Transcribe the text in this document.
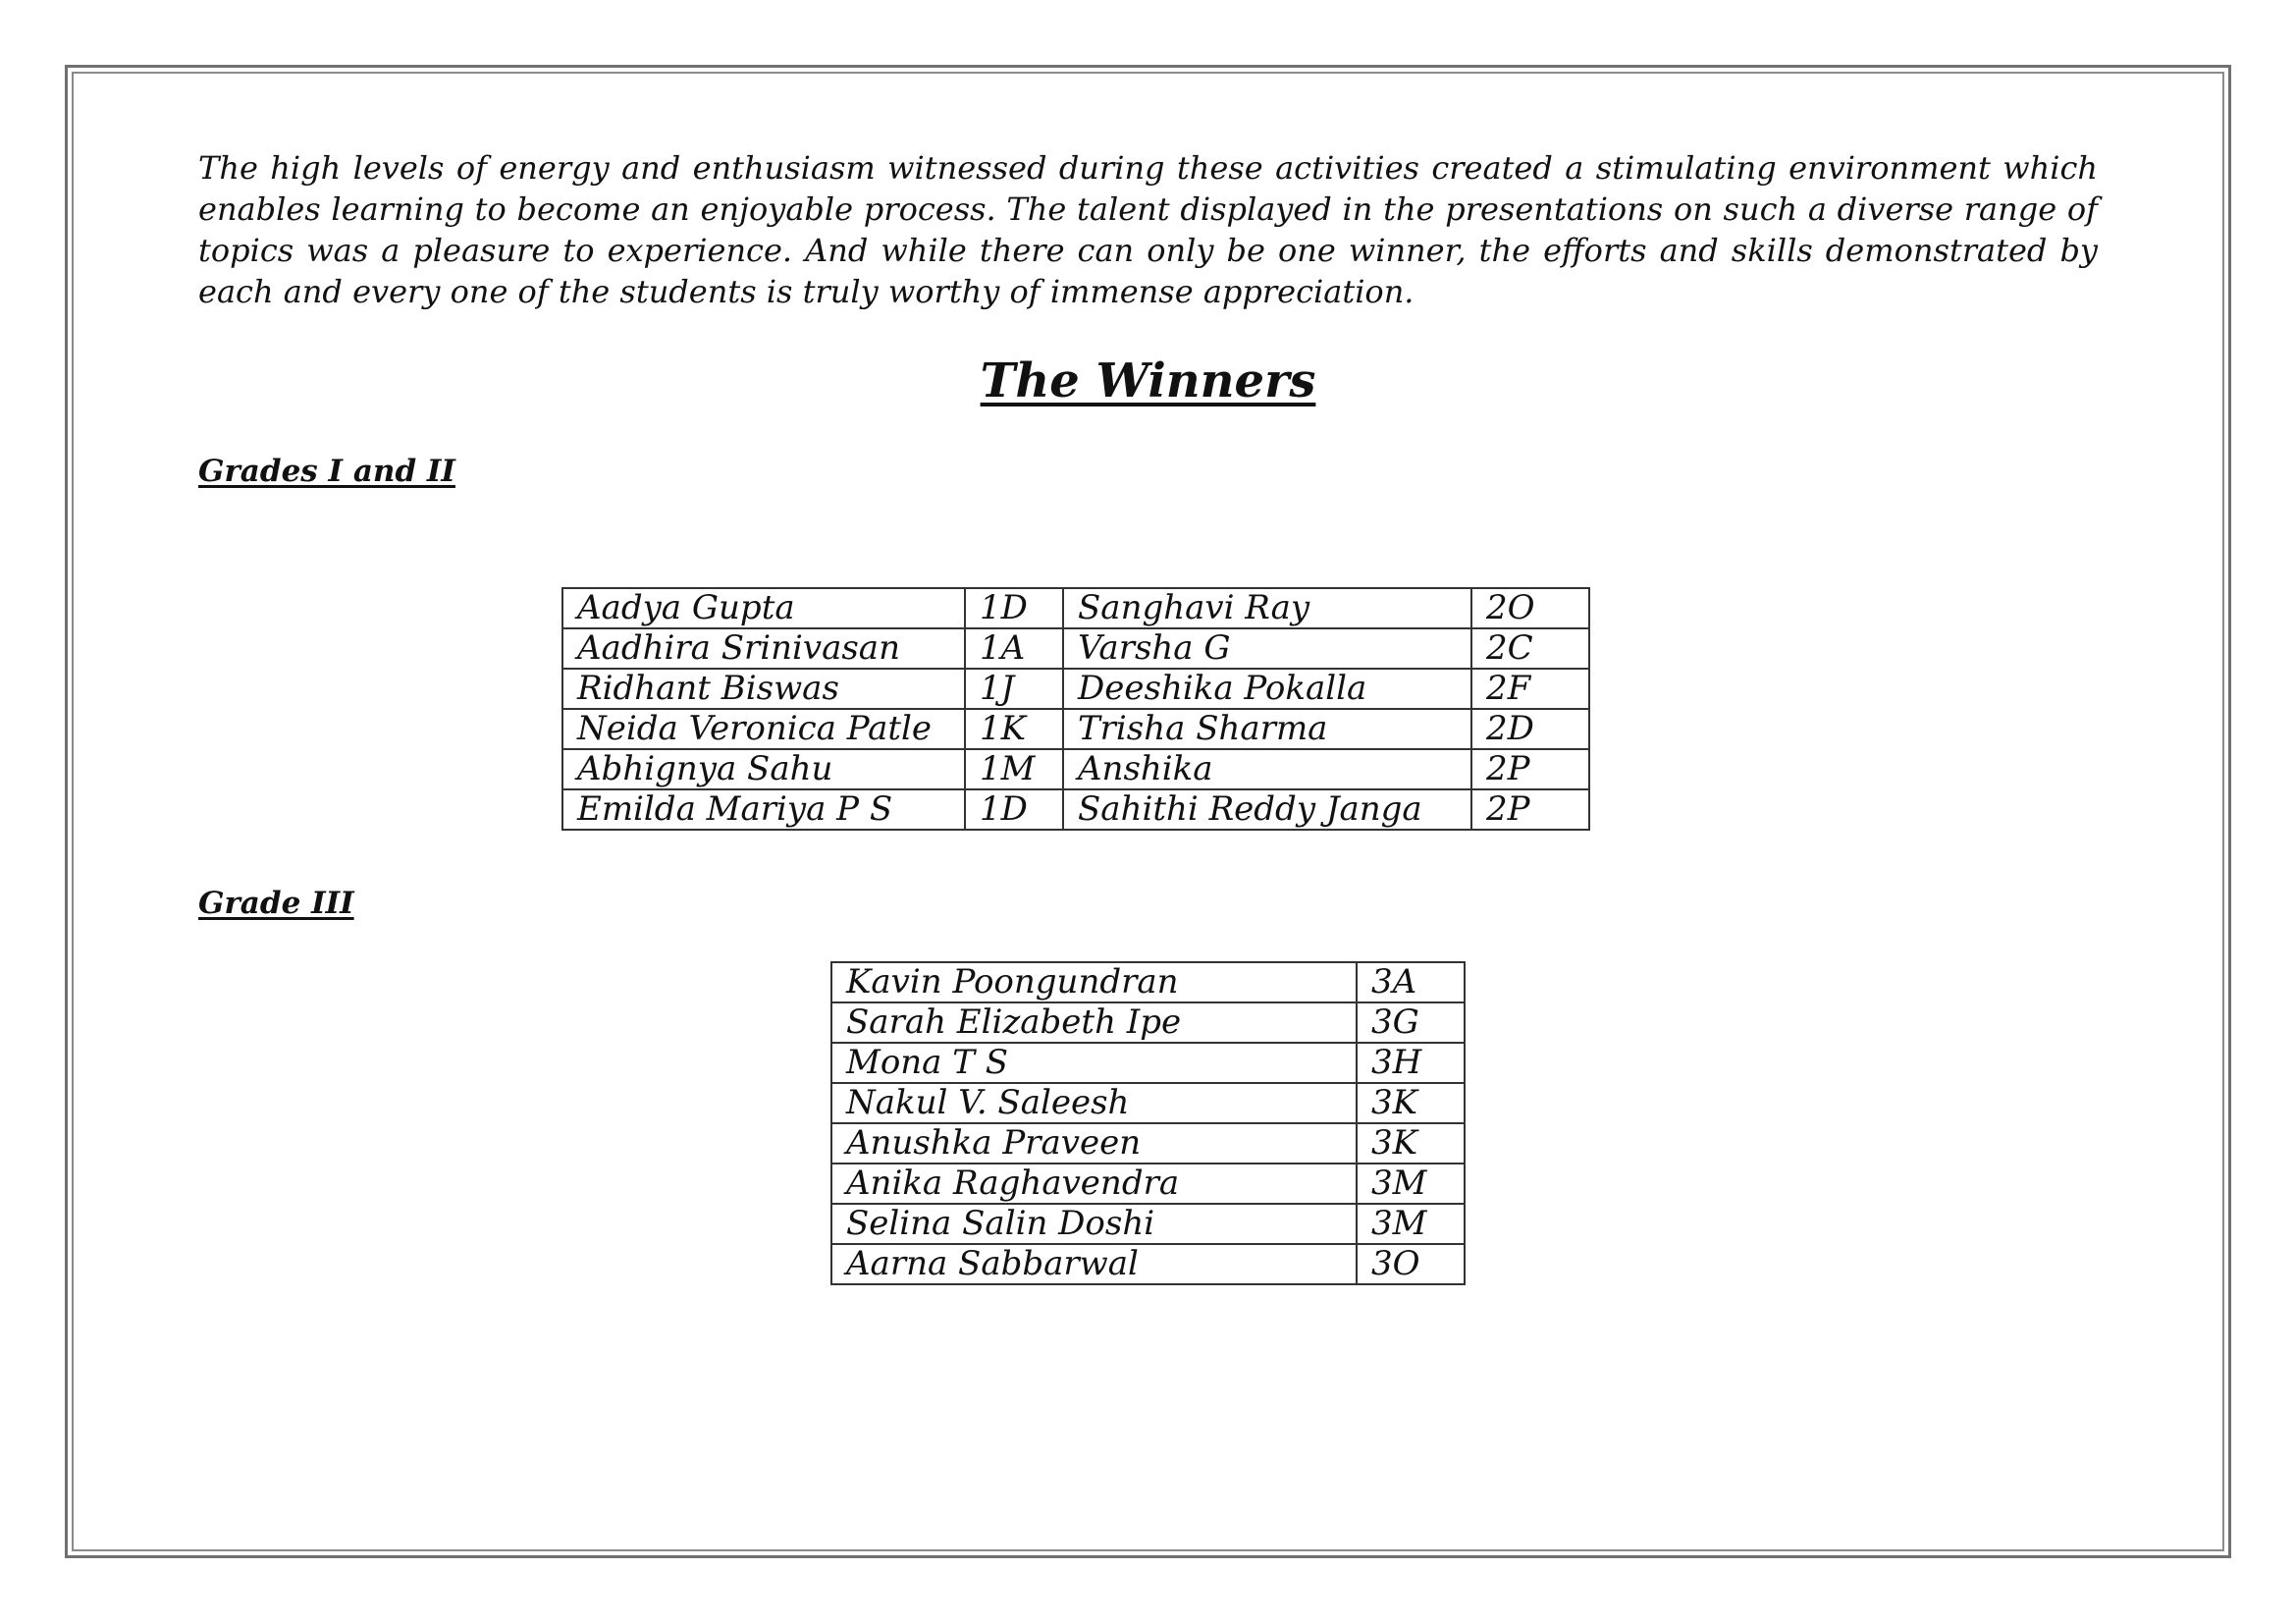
The high levels of energy and enthusiasm witnessed during these activities created a stimulating environment which enables learning to become an enjoyable process. The talent displayed in the presentations on such a diverse range of topics was a pleasure to experience. And while there can only be one winner, the efforts and skills demonstrated by each and every one of the students is truly worthy of immense appreciation.

The Winners
Grades I and II
Aadya Gupta	1D	Sanghavi Ray	2O
Aadhira Srinivasan	1A	Varsha G	2C
Ridhant Biswas	1J	Deeshika Pokalla	2F
Neida Veronica Patle	1K	Trisha Sharma	2D
Abhignya Sahu	1M	Anshika	2P
Emilda Mariya P S	1D	Sahithi Reddy Janga	2P
Grade III
Kavin Poongundran	3A
Sarah Elizabeth Ipe	3G
Mona T S	3H
Nakul V. Saleesh	3K
Anushka Praveen	3K
Anika Raghavendra	3M
Selina Salin Doshi	3M
Aarna Sabbarwal	3O
